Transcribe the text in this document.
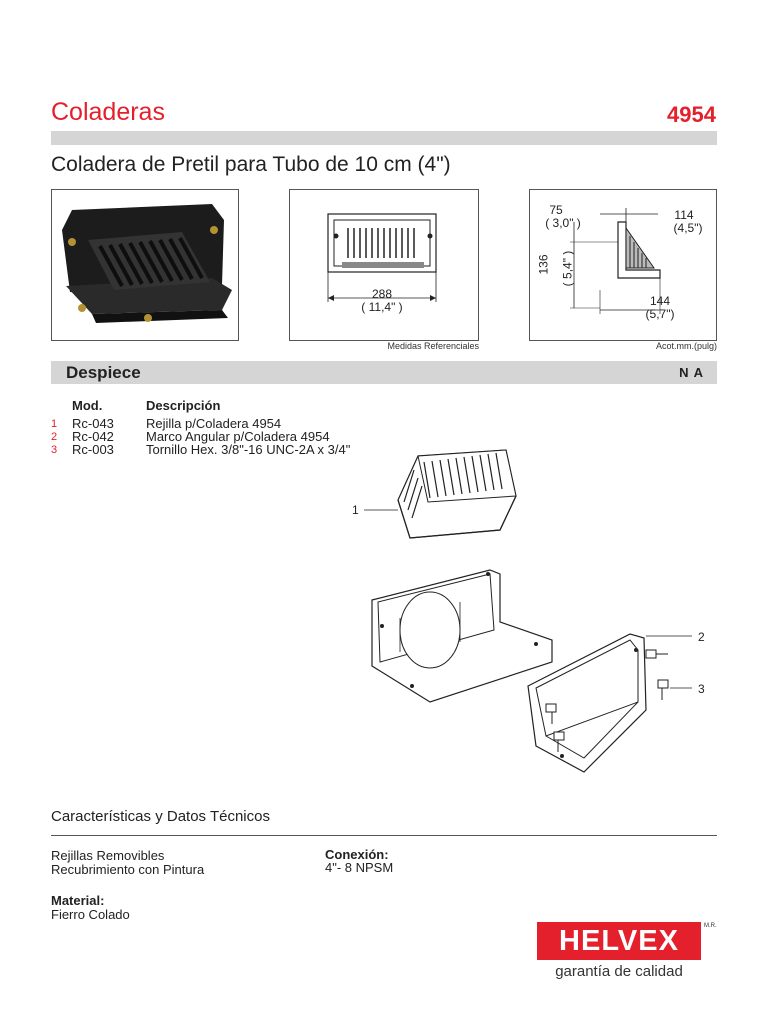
Coladeras	4954
Coladera de Pretil para Tubo de 10 cm (4")
288
( 11,4" )
Medidas Referenciales
75
( 3,0" )
114
(4,5")
136 ( 5,4" )
144
(5,7")
Acot.mm.(pulg)
Despiece	N A
Mod.	Descripción
1 Rc-043 Rejilla p/Coladera 4954
2 Rc-042 Marco Angular p/Coladera 4954
3 Rc-003 Tornillo Hex. 3/8"-16 UNC-2A x 3/4"
1
2
3
Características y Datos Técnicos
Rejillas Removibles
Recubrimiento con Pintura
Conexión:
4"- 8 NPSM
Material:
Fierro Colado
HELVEX	M.R.
garantía de calidad
